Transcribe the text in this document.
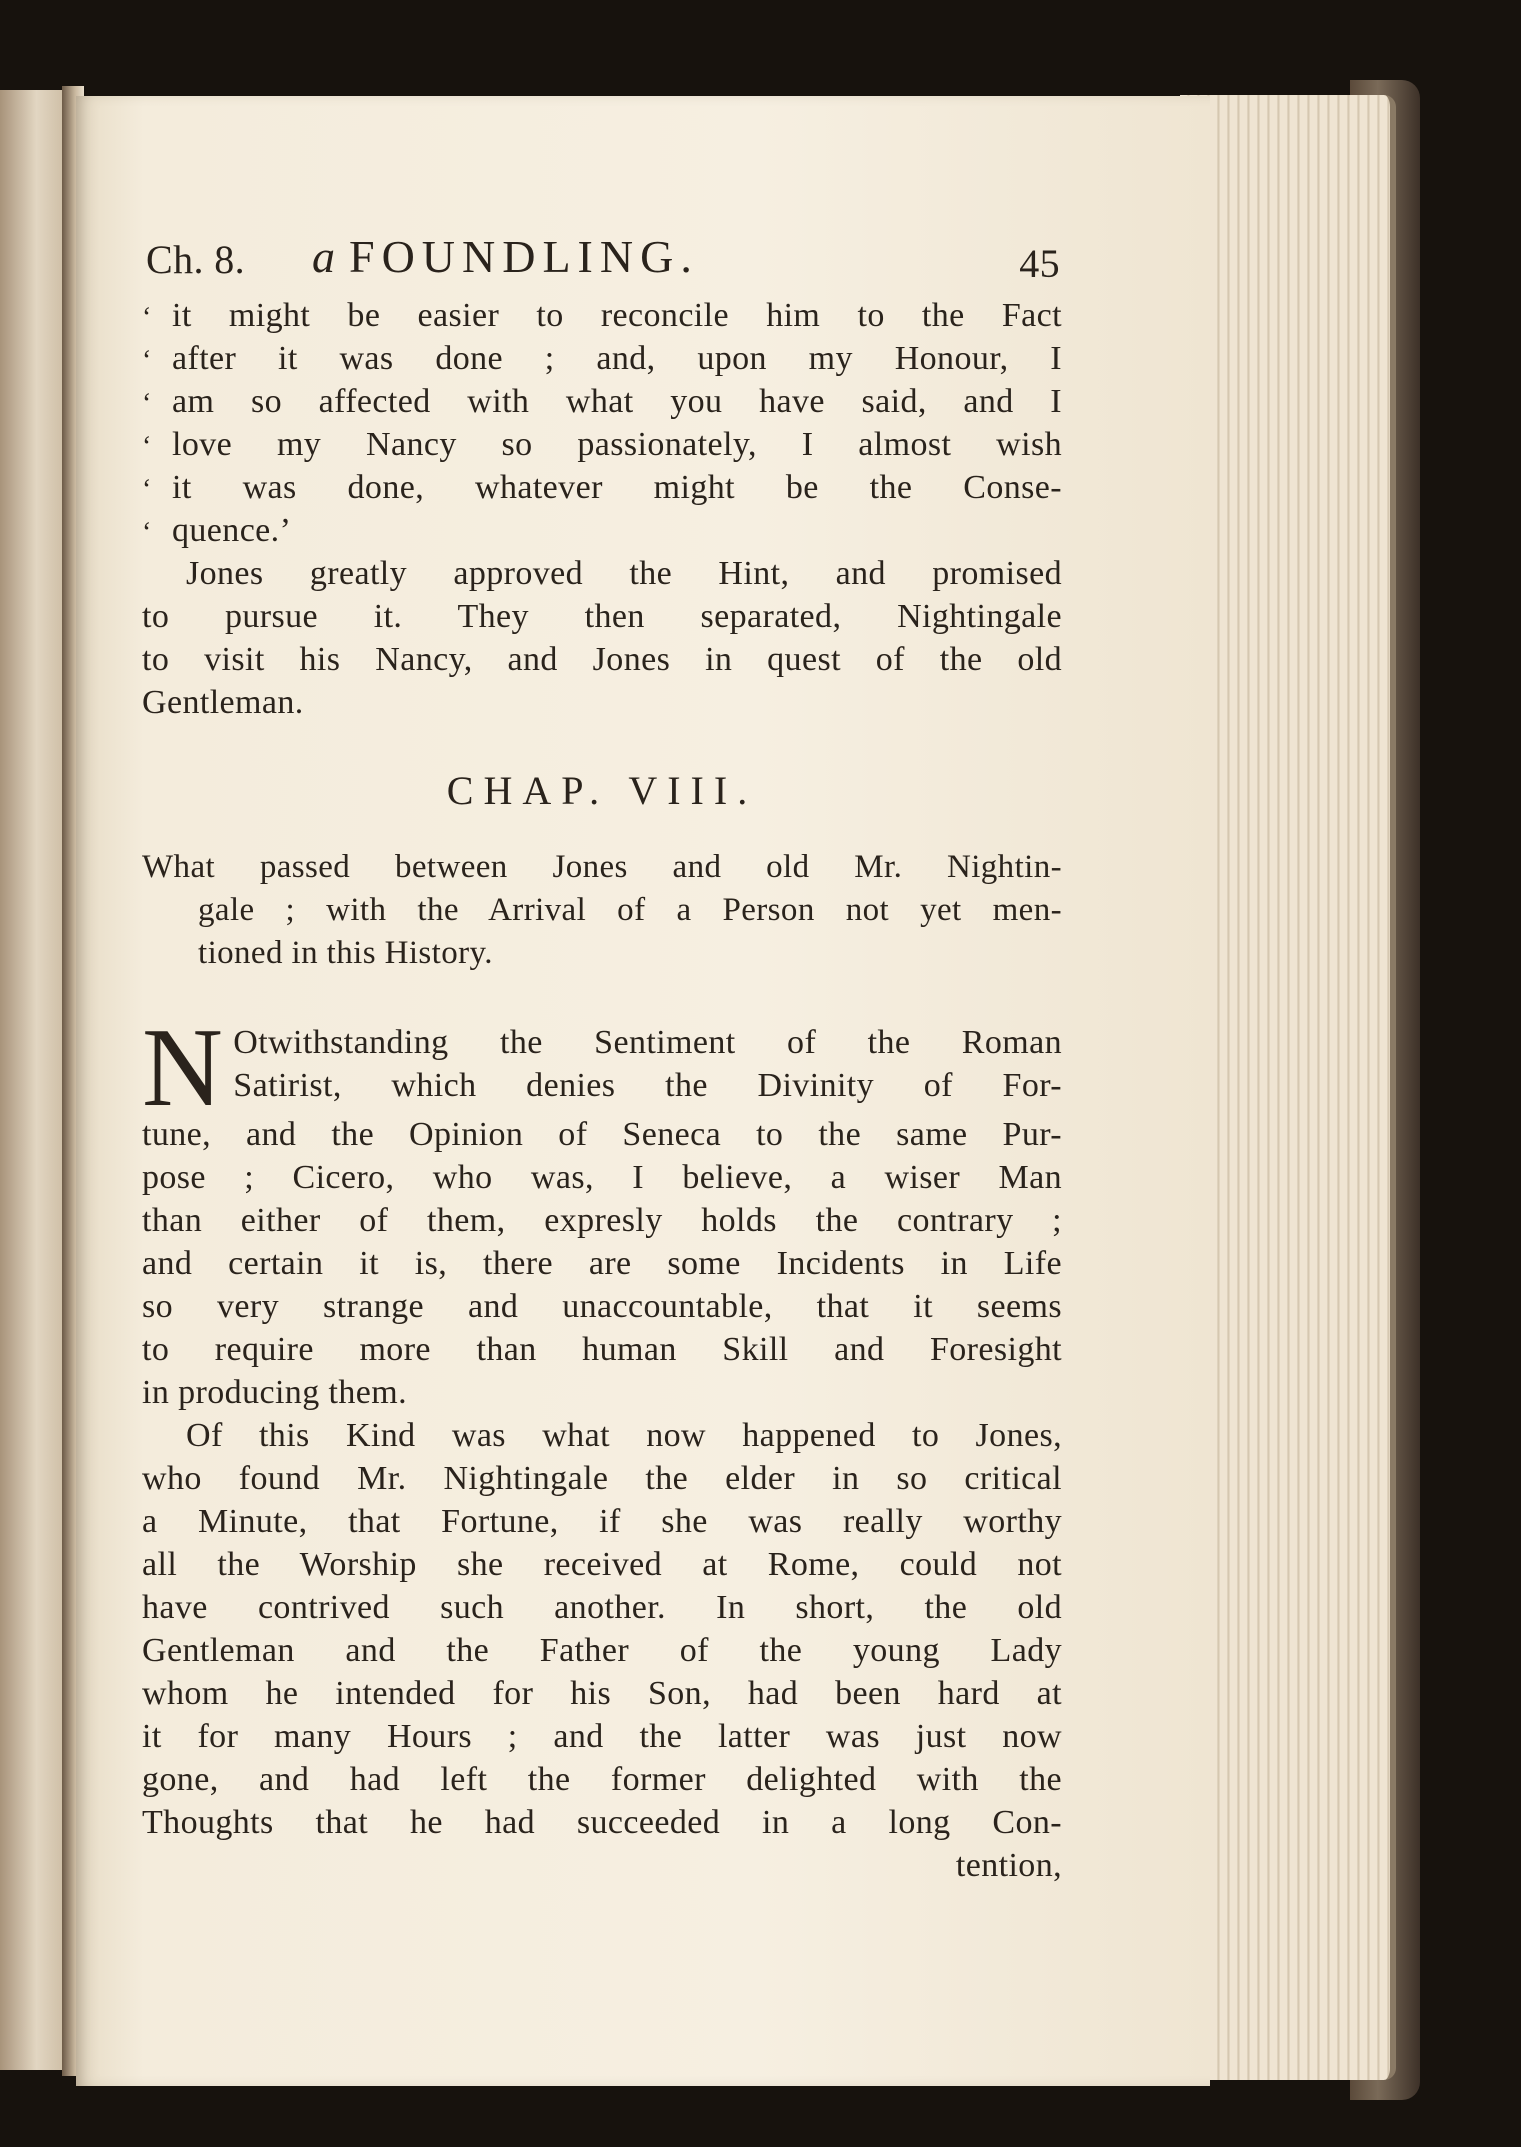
Ch. 8. a FOUNDLING.	45
‘ it might be easier to reconcile him to the Fact
‘ after it was done ; and, upon my Honour, I
‘ am so affected with what you have said, and I
‘ love my Nancy so passionately, I almost wish
‘ it was done, whatever might be the Conse-
‘ quence.’
Jones greatly approved the Hint, and promised
to pursue it. They then separated, Nightingale
to visit his Nancy, and Jones in quest of the old
Gentleman.
CHAP. VIII.
What passed between Jones and old Mr. Nightin-
gale ; with the Arrival of a Person not yet men-
tioned in this History.
N Otwithstanding the Sentiment of the Roman
Satirist, which denies the Divinity of For-
tune, and the Opinion of Seneca to the same Pur-
pose ; Cicero, who was, I believe, a wiser Man
than either of them, expresly holds the contrary ;
and certain it is, there are some Incidents in Life
so very strange and unaccountable, that it seems
to require more than human Skill and Foresight
in producing them.
Of this Kind was what now happened to Jones,
who found Mr. Nightingale the elder in so critical
a Minute, that Fortune, if she was really worthy
all the Worship she received at Rome, could not
have contrived such another. In short, the old
Gentleman and the Father of the young Lady
whom he intended for his Son, had been hard at
it for many Hours ; and the latter was just now
gone, and had left the former delighted with the
Thoughts that he had succeeded in a long Con-
tention,
